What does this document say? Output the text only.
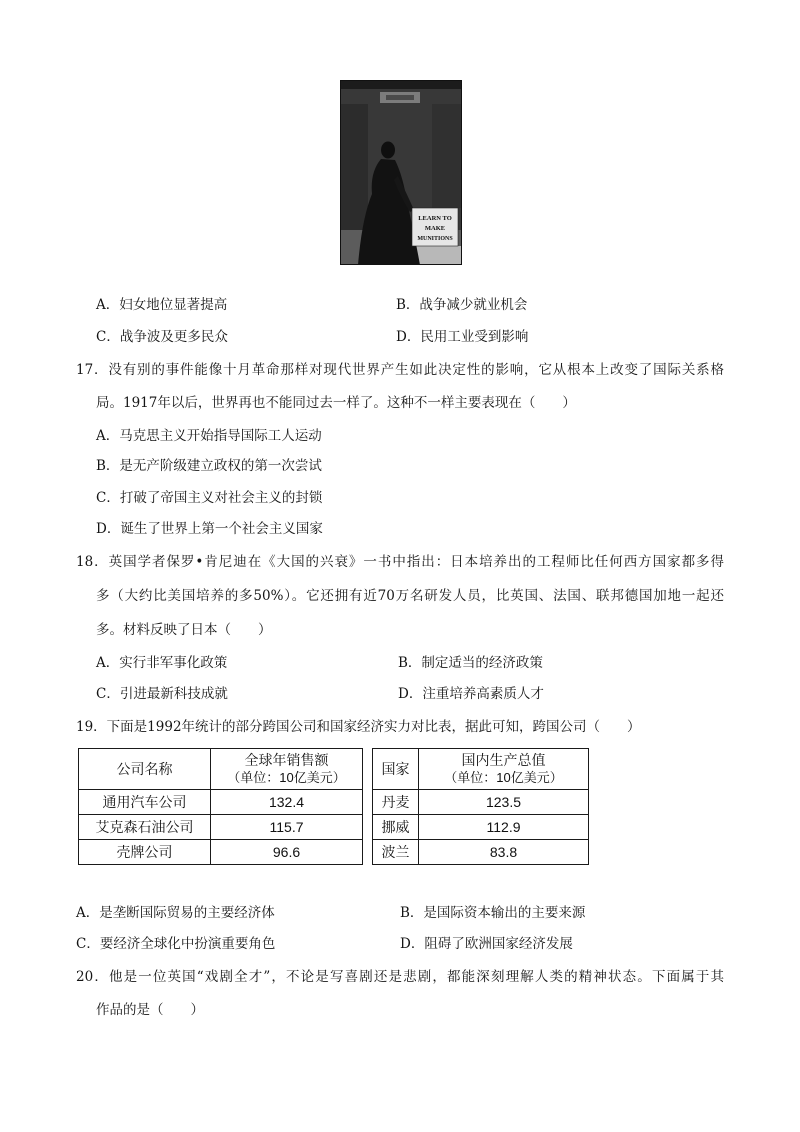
LEARN TO
MAKE
MUNITIONS
A．妇女地位显著提高	B．战争减少就业机会
C．战争波及更多民众	D．民用工业受到影响
17．没有别的事件能像十月革命那样对现代世界产生如此决定性的影响，它从根本上改变了国际关系格
局。1917年以后，世界再也不能同过去一样了。这种不一样主要表现在（　　）
A．马克思主义开始指导国际工人运动
B．是无产阶级建立政权的第一次尝试
C．打破了帝国主义对社会主义的封锁
D．诞生了世界上第一个社会主义国家
18．英国学者保罗•肯尼迪在《大国的兴衰》一书中指出：日本培养出的工程师比任何西方国家都多得
多（大约比美国培养的多50%）。它还拥有近70万名研发人员，比英国、法国、联邦德国加地一起还
多。材料反映了日本（　　）
A．实行非军事化政策	B．制定适当的经济政策
C．引进最新科技成就	D．注重培养高素质人才
19．下面是1992年统计的部分跨国公司和国家经济实力对比表，据此可知，跨国公司（　　）
公司名称	全球年销售额
（单位：10亿美元）

通用汽车公司	132.4
艾克森石油公司	115.7
壳牌公司	96.6
国家	国内生产总值
（单位：10亿美元）

丹麦	123.5
挪威	112.9
波兰	83.8
A．是垄断国际贸易的主要经济体	B．是国际资本输出的主要来源
C．要经济全球化中扮演重要角色	D．阻碍了欧洲国家经济发展
20．他是一位英国“戏剧全才”，不论是写喜剧还是悲剧，都能深刻理解人类的精神状态。下面属于其
作品的是（　　）
